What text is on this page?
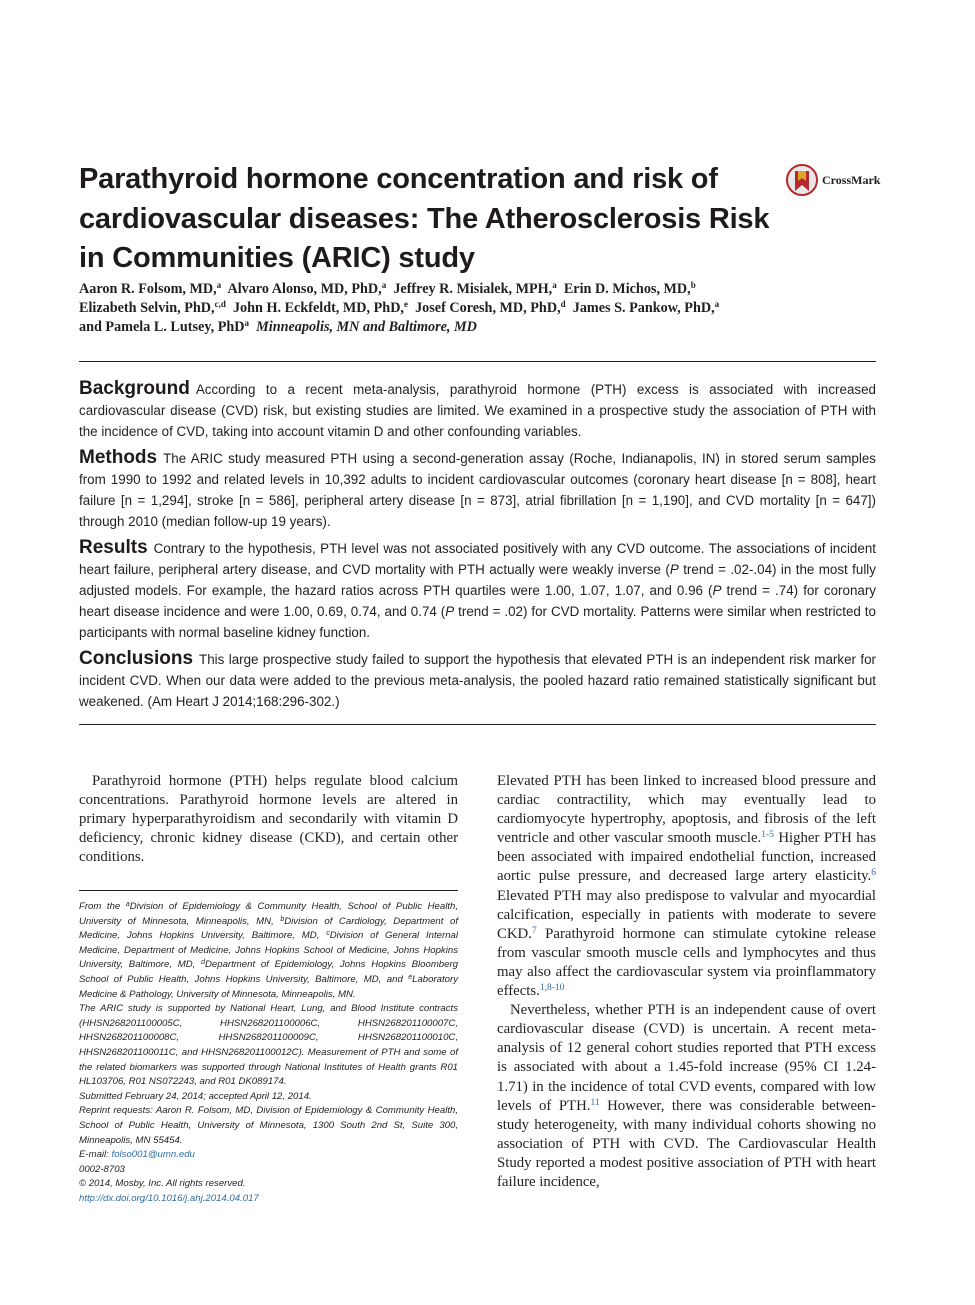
Parathyroid hormone concentration and risk of cardiovascular diseases: The Atherosclerosis Risk in Communities (ARIC) study
CrossMark
Aaron R. Folsom, MD,$^a$ Alvaro Alonso, MD, PhD,$^a$ Jeffrey R. Misialek, MPH,$^a$ Erin D. Michos, MD,$^b$
Elizabeth Selvin, PhD,$^{c,d}$ John H. Eckfeldt, MD, PhD,$^e$ Josef Coresh, MD, PhD,$^d$ James S. Pankow, PhD,$^a$
and Pamela L. Lutsey, PhD$^a$ Minneapolis, MN and Baltimore, MD

Background According to a recent meta-analysis, parathyroid hormone (PTH) excess is associated with increased cardiovascular disease (CVD) risk, but existing studies are limited. We examined in a prospective study the association of PTH with the incidence of CVD, taking into account vitamin D and other confounding variables.

Methods The ARIC study measured PTH using a second-generation assay (Roche, Indianapolis, IN) in stored serum samples from 1990 to 1992 and related levels in 10,392 adults to incident cardiovascular outcomes (coronary heart disease [n = 808], heart failure [n = 1,294], stroke [n = 586], peripheral artery disease [n = 873], atrial fibrillation [n = 1,190], and CVD mortality [n = 647]) through 2010 (median follow-up 19 years).

Results Contrary to the hypothesis, PTH level was not associated positively with any CVD outcome. The associations of incident heart failure, peripheral artery disease, and CVD mortality with PTH actually were weakly inverse (P trend = .02-.04) in the most fully adjusted models. For example, the hazard ratios across PTH quartiles were 1.00, 1.07, 1.07, and 0.96 (P trend = .74) for coronary heart disease incidence and were 1.00, 0.69, 0.74, and 0.74 (P trend = .02) for CVD mortality. Patterns were similar when restricted to participants with normal baseline kidney function.

Conclusions This large prospective study failed to support the hypothesis that elevated PTH is an independent risk marker for incident CVD. When our data were added to the previous meta-analysis, the pooled hazard ratio remained statistically significant but weakened. (Am Heart J 2014;168:296-302.)

Parathyroid hormone (PTH) helps regulate blood calcium concentrations. Parathyroid hormone levels are altered in primary hyperparathyroidism and secondarily with vitamin D deficiency, chronic kidney disease (CKD), and certain other conditions.

From the $^a$Division of Epidemiology & Community Health, School of Public Health, University of Minnesota, Minneapolis, MN, $^b$Division of Cardiology, Department of Medicine, Johns Hopkins University, Baltimore, MD, $^c$Division of General Internal Medicine, Department of Medicine, Johns Hopkins School of Medicine, Johns Hopkins University, Baltimore, MD, $^d$Department of Epidemiology, Johns Hopkins Bloomberg School of Public Health, Johns Hopkins University, Baltimore, MD, and $^e$Laboratory Medicine & Pathology, University of Minnesota, Minneapolis, MN.
The ARIC study is supported by National Heart, Lung, and Blood Institute contracts (HHSN268201100005C, HHSN268201100006C, HHSN268201100007C, HHSN268201100008C, HHSN268201100009C, HHSN268201100010C, HHSN268201100011C, and HHSN268201100012C). Measurement of PTH and some of the related biomarkers was supported through National Institutes of Health grants R01 HL103706, R01 NS072243, and R01 DK089174.
Submitted February 24, 2014; accepted April 12, 2014.
Reprint requests: Aaron R. Folsom, MD, Division of Epidemiology & Community Health, School of Public Health, University of Minnesota, 1300 South 2nd St, Suite 300, Minneapolis, MN 55454.
E-mail: folso001@umn.edu
0002-8703
© 2014, Mosby, Inc. All rights reserved.
http://dx.doi.org/10.1016/j.ahj.2014.04.017

Elevated PTH has been linked to increased blood pressure and cardiac contractility, which may eventually lead to cardiomyocyte hypertrophy, apoptosis, and fibrosis of the left ventricle and other vascular smooth muscle.$^{1-5}$ Higher PTH has been associated with impaired endothelial function, increased aortic pulse pressure, and decreased large artery elasticity.$^6$ Elevated PTH may also predispose to valvular and myocardial calcification, especially in patients with moderate to severe CKD.$^7$ Parathyroid hormone can stimulate cytokine release from vascular smooth muscle cells and lymphocytes and thus may also affect the cardiovascular system via proinflammatory effects.$^{1,8-10}$

Nevertheless, whether PTH is an independent cause of overt cardiovascular disease (CVD) is uncertain. A recent meta-analysis of 12 general cohort studies reported that PTH excess is associated with about a 1.45-fold increase (95% CI 1.24-1.71) in the incidence of total CVD events, compared with low levels of PTH.$^{11}$ However, there was considerable between-study heterogeneity, with many individual cohorts showing no association of PTH with CVD. The Cardiovascular Health Study reported a modest positive association of PTH with heart failure incidence,
